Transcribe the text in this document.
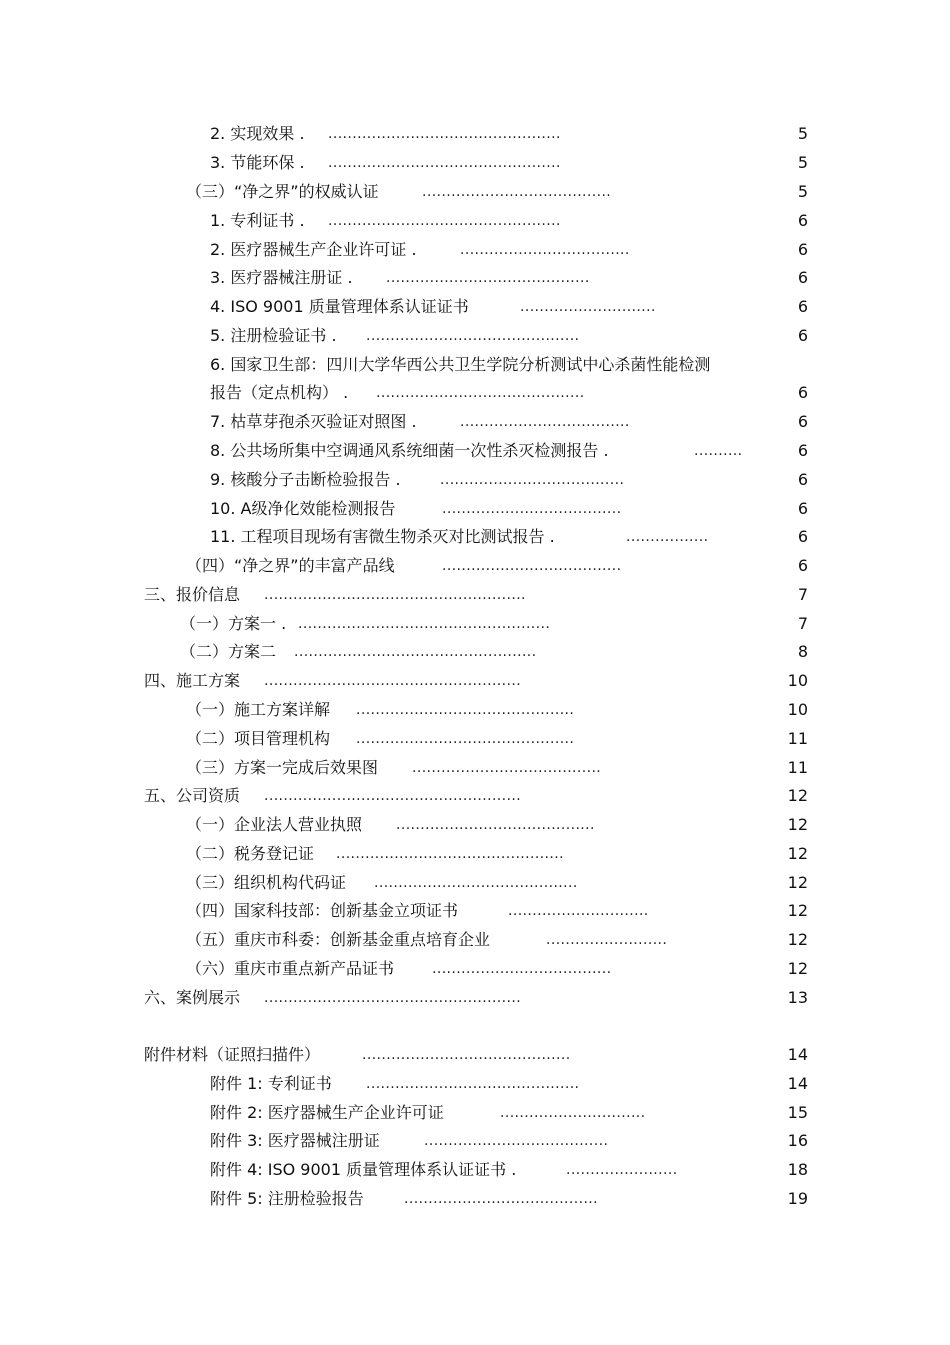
2. 实现效果 . ................................................	5
3. 节能环保 . ................................................	5
（三）“净之界”的权威认证	.......................................	5
1. 专利证书 . ................................................	6
2. 医疗器械生产企业许可证 .	...................................	6
3. 医疗器械注册证 . ..........................................	6
4. ISO 9001 质量管理体系认证证书	............................	6
5. 注册检验证书 . ............................................	6
6. 国家卫生部：四川大学华西公共卫生学院分析测试中心杀菌性能检测
报告（定点机构） . ...........................................	6
7. 枯草芽孢杀灭验证对照图 .	...................................	6
8. 公共场所集中空调通风系统细菌一次性杀灭检测报告 .	..........	6
9. 核酸分子击断检验报告 .	......................................	6
10. A级净化效能检测报告	.....................................	6
11. 工程项目现场有害微生物杀灭对比测试报告 .	.................	6
（四）“净之界”的丰富产品线	.....................................	6
三、报价信息 ......................................................	7
（一）方案一 . ....................................................	7
（二）方案二 ..................................................	8
四、施工方案 .....................................................	10
（一）施工方案详解 .............................................	10
（二）项目管理机构 .............................................	11
（三）方案一完成后效果图 .......................................	11
五、公司资质 .....................................................	12
（一）企业法人营业执照 .........................................	12
（二）税务登记证 ...............................................	12
（三）组织机构代码证 ..........................................	12
（四）国家科技部：创新基金立项证书	.............................	12
（五）重庆市科委：创新基金重点培育企业	.........................	12
（六）重庆市重点新产品证书	.....................................	12
六、案例展示 .....................................................	13
附件材料（证照扫描件）	...........................................	14
附件 1: 专利证书 ............................................	14
附件 2: 医疗器械生产企业许可证	..............................	15
附件 3: 医疗器械注册证	......................................	16
附件 4: ISO 9001 质量管理体系认证证书 .	.......................	18
附件 5: 注册检验报告	........................................	19
